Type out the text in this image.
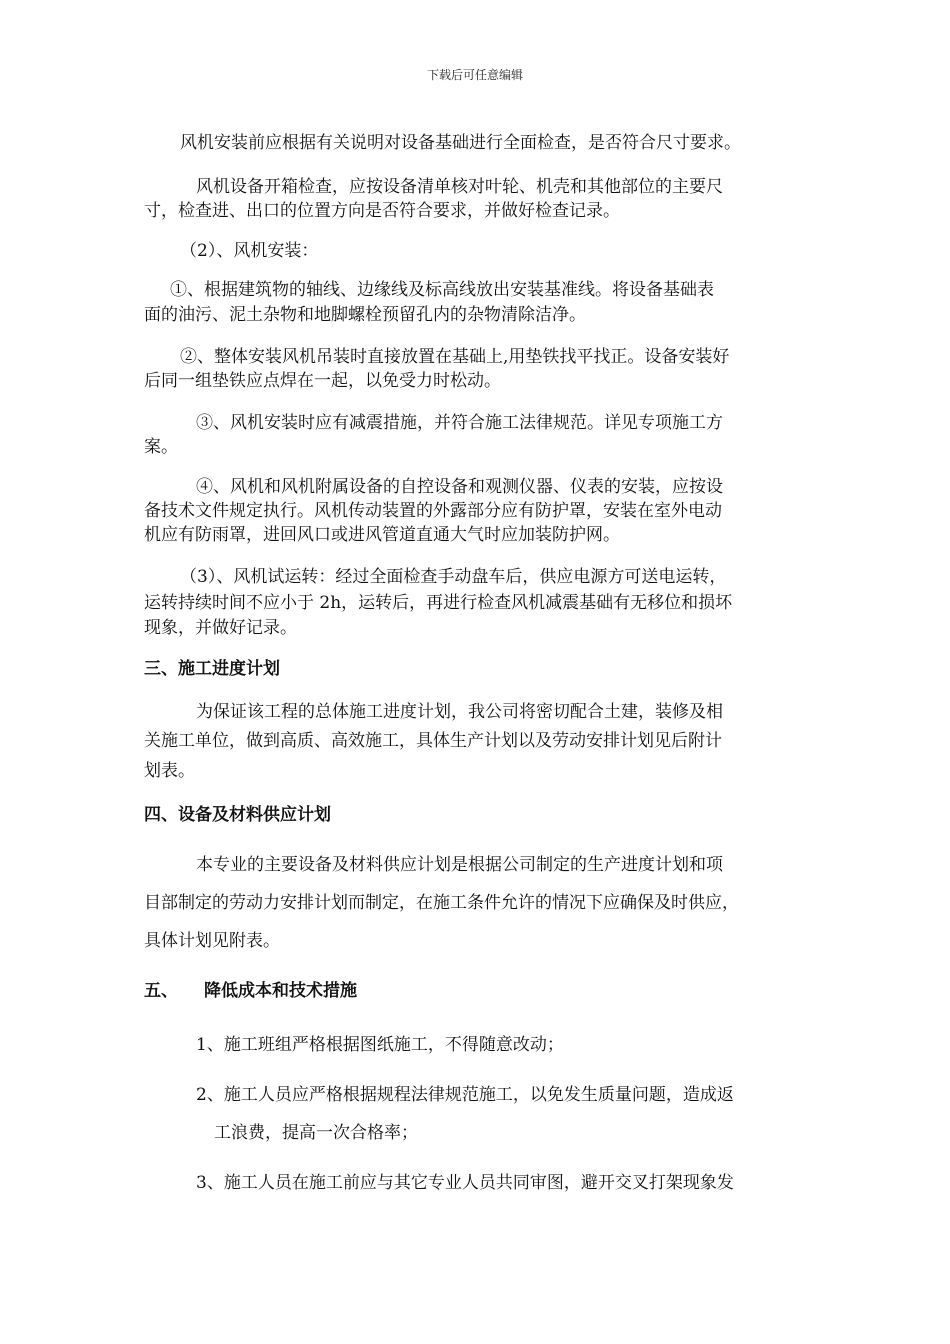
下载后可任意编辑
风机安装前应根据有关说明对设备基础进行全面检查，是否符合尺寸要求。
风机设备开箱检查，应按设备清单核对叶轮、机壳和其他部位的主要尺
寸，检查进、出口的位置方向是否符合要求，并做好检查记录。
（2）、风机安装：
①、根据建筑物的轴线、边缘线及标高线放出安装基准线。将设备基础表
面的油污、泥土杂物和地脚螺栓预留孔内的杂物清除洁净。
②、整体安装风机吊装时直接放置在基础上,用垫铁找平找正。设备安装好
后同一组垫铁应点焊在一起，以免受力时松动。
③、风机安装时应有减震措施，并符合施工法律规范。详见专项施工方
案。
④、风机和风机附属设备的自控设备和观测仪器、仪表的安装，应按设
备技术文件规定执行。风机传动装置的外露部分应有防护罩，安装在室外电动
机应有防雨罩，进回风口或进风管道直通大气时应加装防护网。
（3）、风机试运转：经过全面检查手动盘车后，供应电源方可送电运转，
运转持续时间不应小于 2h，运转后，再进行检查风机减震基础有无移位和损坏
现象，并做好记录。
三、施工进度计划
为保证该工程的总体施工进度计划，我公司将密切配合土建，装修及相
关施工单位，做到高质、高效施工，具体生产计划以及劳动安排计划见后附计
划表。
四、设备及材料供应计划
本专业的主要设备及材料供应计划是根据公司制定的生产进度计划和项
目部制定的劳动力安排计划而制定，在施工条件允许的情况下应确保及时供应，
具体计划见附表。
五、 降低成本和技术措施
1、施工班组严格根据图纸施工，不得随意改动；
2、施工人员应严格根据规程法律规范施工，以免发生质量问题，造成返
工浪费，提高一次合格率；
3、施工人员在施工前应与其它专业人员共同审图，避开交叉打架现象发
